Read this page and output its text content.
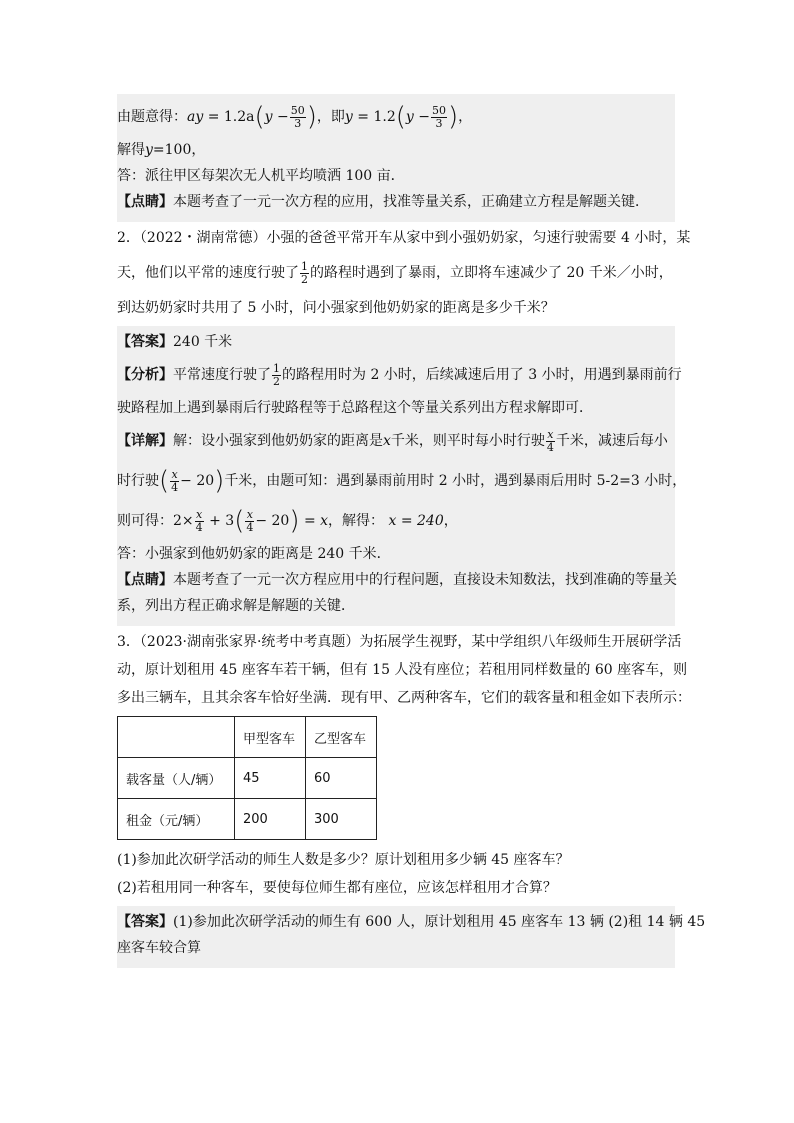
由题意得：ay = $1.2a(y - \frac{50}{3}$ )，即$y = 1.2(y - \frac{50}{3}$ )，
解得y=100，
答：派往甲区每架次无人机平均喷洒 100 亩．
【点睛】本题考查了一元一次方程的应用，找准等量关系，正确建立方程是解题关键．
2．（2022・湖南常德）小强的爸爸平常开车从家中到小强奶奶家，匀速行驶需要 4 小时，某
天，他们以平常的速度行驶了 $\frac{1}{2}$ 的路程时遇到了暴雨，立即将车速减少了 20 千米／小时，
到达奶奶家时共用了 5 小时，问小强家到他奶奶家的距离是多少千米？
【答案】240 千米
【分析】平常速度行驶了 $\frac{1}{2}$ 的路程用时为 2 小时，后续减速后用了 3 小时，用遇到暴雨前行
驶路程加上遇到暴雨后行驶路程等于总路程这个等量关系列出方程求解即可．
【详解】解：设小强家到他奶奶家的距离是x千米，则平时每小时行驶 $\frac{x}{4}$ 千米，减速后每小
时行驶( $\frac{x}{4} - 20$)千米，由题可知：遇到暴雨前用时 2 小时，遇到暴雨后用时 5-2=3 小时，
则可得：$2\times \frac{x}{4} + 3( \frac{x}{4} - 20) = x$，解得： x = 240，
答：小强家到他奶奶家的距离是 240 千米．
【点睛】本题考查了一元一次方程应用中的行程问题，直接设未知数法，找到准确的等量关
系，列出方程正确求解是解题的关键．
3．（2023·湖南张家界·统考中考真题）为拓展学生视野，某中学组织八年级师生开展研学活
动，原计划租用 45 座客车若干辆，但有 15 人没有座位；若租用同样数量的 60 座客车，则
多出三辆车，且其余客车恰好坐满．现有甲、乙两种客车，它们的载客量和租金如下表所示：
	甲型客车	乙型客车
载客量（人/辆）	45	60
租金（元/辆）	200	300
(1)参加此次研学活动的师生人数是多少？原计划租用多少辆 45 座客车？
(2)若租用同一种客车，要使每位师生都有座位，应该怎样租用才合算？
【答案】(1)参加此次研学活动的师生有 600 人，原计划租用 45 座客车 13 辆 (2)租 14 辆 45
座客车较合算
